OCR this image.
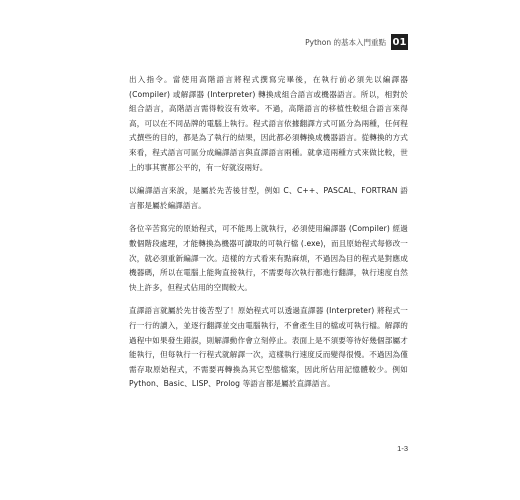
Python 的基本入門重點 01

出入指令。當使用高階語言將程式撰寫完畢後，在執行前必須先以編譯器 (Compiler) 或解譯器 (Interpreter) 轉換成組合語言或機器語言。所以，相對於組合語言，高階語言需得較沒有效率。不過，高階語言的移植性較組合語言來得高，可以在不同品牌的電腦上執行。程式語言依據翻譯方式可區分為兩種，任何程式撰些的目的，都是為了執行的結果，因此都必須轉換成機器語言。從轉換的方式來看，程式語言可區分成編譯語言與直譯語言兩種。就拿這兩種方式來做比較，世上的事其實都公平的，有一好就沒兩好。

以編譯語言來說，是屬於先苦後甘型，例如 C、C++、PASCAL、FORTRAN 語言都是屬於編譯語言。

各位辛苦寫完的原始程式，可不能馬上就執行，必須使用編譯器 (Compiler) 經過數個階段處理，才能轉換為機器可讀取的可執行檔 (.exe)，而且原始程式每修改一次，就必須重新編譯一次。這樣的方式看來有點麻煩，不過因為目的程式是對應成機器碼，所以在電腦上能夠直接執行，不需要每次執行都進行翻譯，執行速度自然快上許多，但程式佔用的空間較大。

直譯語言就屬於先甘後苦型了！原始程式可以透過直譯器 (Interpreter) 將程式一行一行的讀入，並逐行翻譯並交由電腦執行，不會產生目的檔或可執行檔。解譯的過程中如果發生錯誤，則解譯動作會立刻停止。表面上是不須要等待好幾個部屬才能執行，但每執行一行程式就解譯一次，這樣執行速度反而變得很慢。不過因為僅需存取原始程式，不需要再轉換為其它型態檔案，因此所佔用記憶體較少。例如 Python、Basic、LISP、Prolog 等語言都是屬於直譯語言。

1-3
